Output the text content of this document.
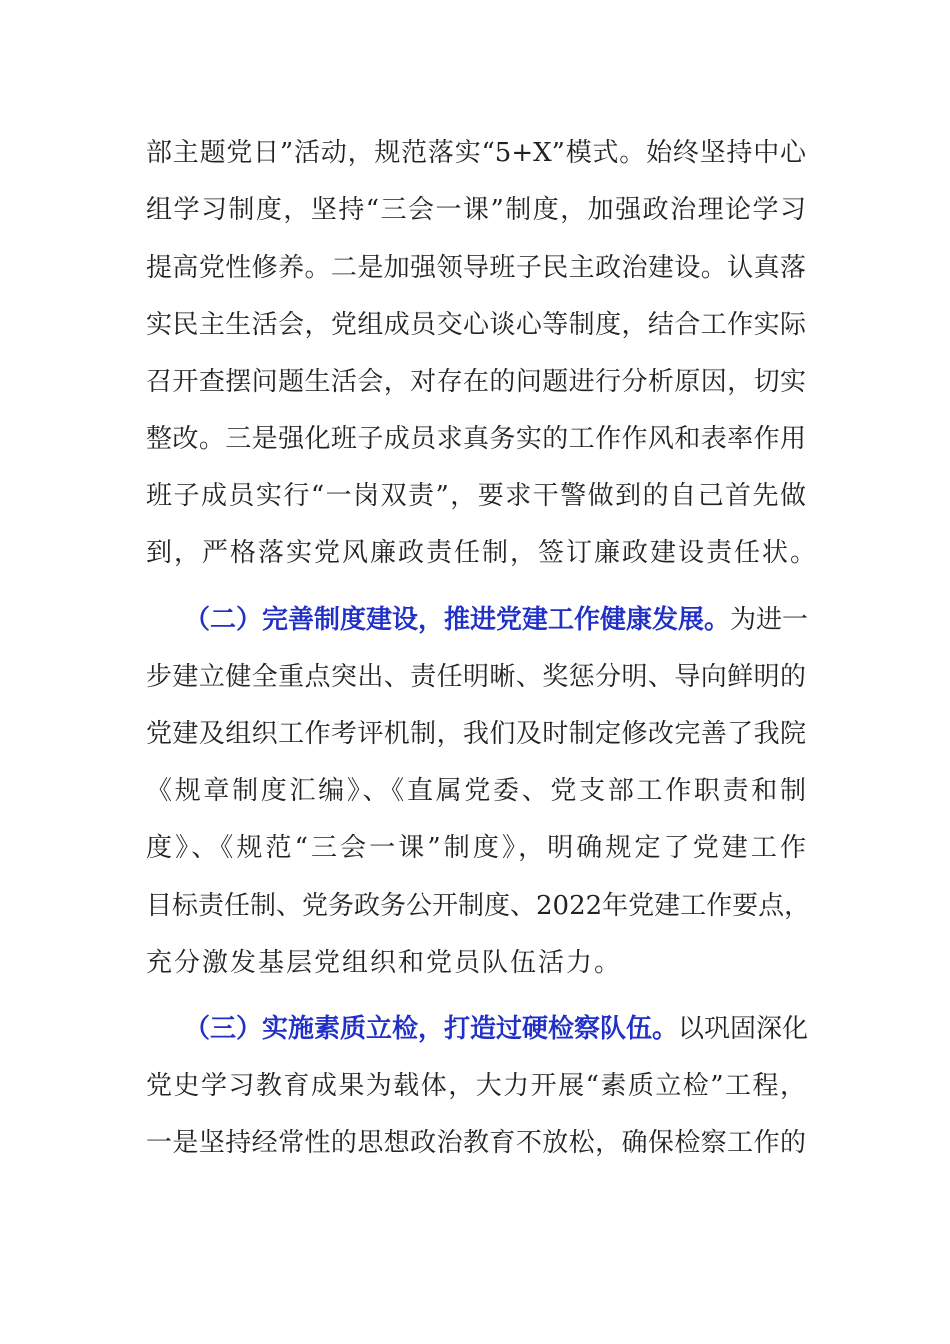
部主题党日”活动，规范落实“5+X”模式。始终坚持中心
组学习制度，坚持“三会一课”制度，加强政治理论学习
提高党性修养。二是加强领导班子民主政治建设。认真落
实民主生活会，党组成员交心谈心等制度，结合工作实际
召开查摆问题生活会，对存在的问题进行分析原因，切实
整改。三是强化班子成员求真务实的工作作风和表率作用
班子成员实行“一岗双责”，要求干警做到的自己首先做
到，严格落实党风廉政责任制，签订廉政建设责任状。
（二）完善制度建设，推进党建工作健康发展。为进一
步建立健全重点突出、责任明晰、奖惩分明、导向鲜明的
党建及组织工作考评机制，我们及时制定修改完善了我院
《规章制度汇编》、《直属党委、党支部工作职责和制
度》、《规范“三会一课”制度》，明确规定了党建工作
目标责任制、党务政务公开制度、2022年党建工作要点，
充分激发基层党组织和党员队伍活力。
（三）实施素质立检，打造过硬检察队伍。以巩固深化
党史学习教育成果为载体，大力开展“素质立检”工程，
一是坚持经常性的思想政治教育不放松，确保检察工作的
